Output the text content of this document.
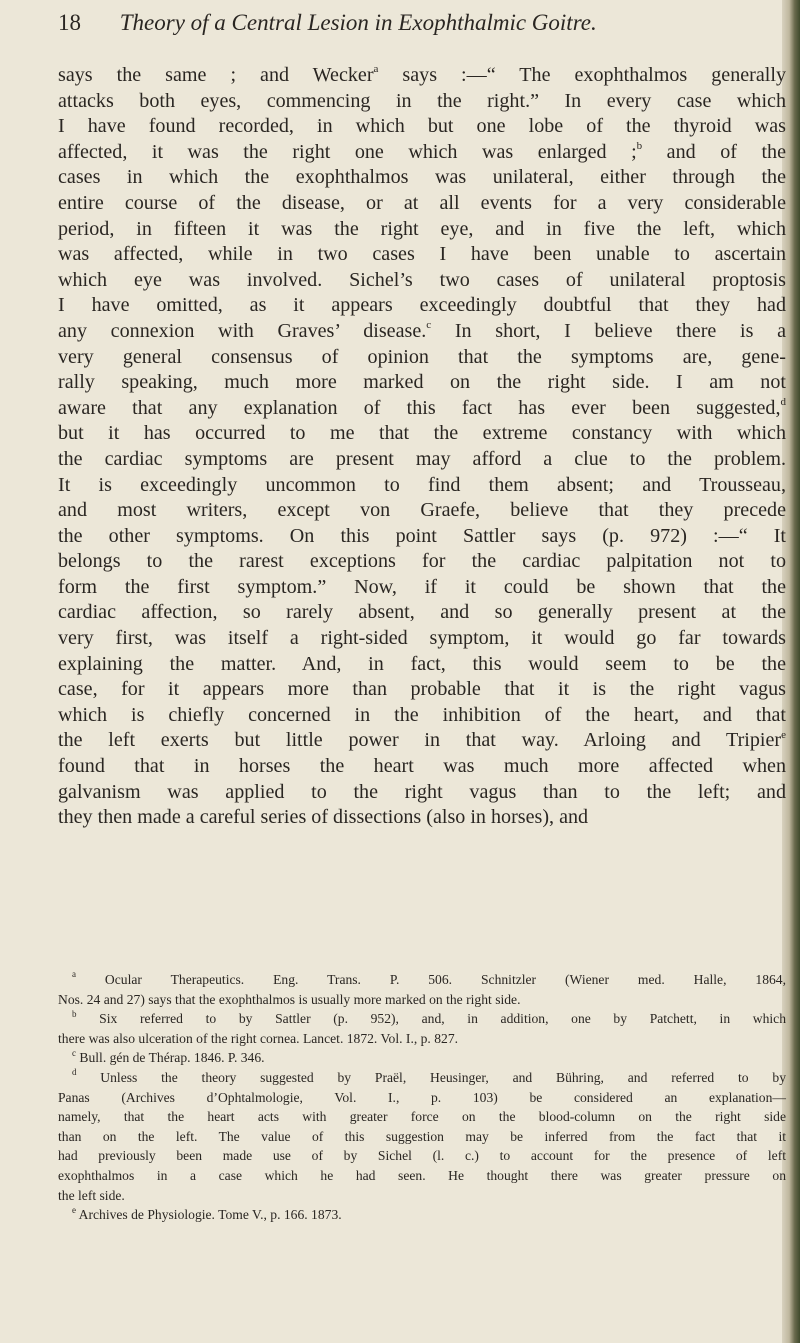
18 Theory of a Central Lesion in Exophthalmic Goitre.
says the same ; and Wecker$^a$ says :—“ The exophthalmos generally
attacks both eyes, commencing in the right.” In every case which
I have found recorded, in which but one lobe of the thyroid was
affected, it was the right one which was enlarged ;$^b$ and of the
cases in which the exophthalmos was unilateral, either through the
entire course of the disease, or at all events for a very considerable
period, in fifteen it was the right eye, and in five the left, which
was affected, while in two cases I have been unable to ascertain
which eye was involved. Sichel’s two cases of unilateral proptosis
I have omitted, as it appears exceedingly doubtful that they had
any connexion with Graves’ disease.$^c$ In short, I believe there is a
very general consensus of opinion that the symptoms are, gene-
rally speaking, much more marked on the right side. I am not
aware that any explanation of this fact has ever been suggested,$^d$
but it has occurred to me that the extreme constancy with which
the cardiac symptoms are present may afford a clue to the problem.
It is exceedingly uncommon to find them absent; and Trousseau,
and most writers, except von Graefe, believe that they precede
the other symptoms. On this point Sattler says (p. 972) :—“ It
belongs to the rarest exceptions for the cardiac palpitation not to
form the first symptom.” Now, if it could be shown that the
cardiac affection, so rarely absent, and so generally present at the
very first, was itself a right-sided symptom, it would go far towards
explaining the matter. And, in fact, this would seem to be the
case, for it appears more than probable that it is the right vagus
which is chiefly concerned in the inhibition of the heart, and that
the left exerts but little power in that way. Arloing and Tripier$^e$
found that in horses the heart was much more affected when
galvanism was applied to the right vagus than to the left; and
they then made a careful series of dissections (also in horses), and
$^a$ Ocular Therapeutics. Eng. Trans. P. 506. Schnitzler (Wiener med. Halle, 1864,
Nos. 24 and 27) says that the exophthalmos is usually more marked on the right side.
$^b$ Six referred to by Sattler (p. 952), and, in addition, one by Patchett, in which
there was also ulceration of the right cornea. Lancet. 1872. Vol. I., p. 827.
$^c$ Bull. gén de Thérap. 1846. P. 346.
$^d$ Unless the theory suggested by Praël, Heusinger, and Bühring, and referred to by
Panas (Archives d’Ophtalmologie, Vol. I., p. 103) be considered an explanation—
namely, that the heart acts with greater force on the blood-column on the right side
than on the left. The value of this suggestion may be inferred from the fact that it
had previously been made use of by Sichel (l. c.) to account for the presence of left
exophthalmos in a case which he had seen. He thought there was greater pressure on
the left side.
$^e$ Archives de Physiologie. Tome V., p. 166. 1873.
